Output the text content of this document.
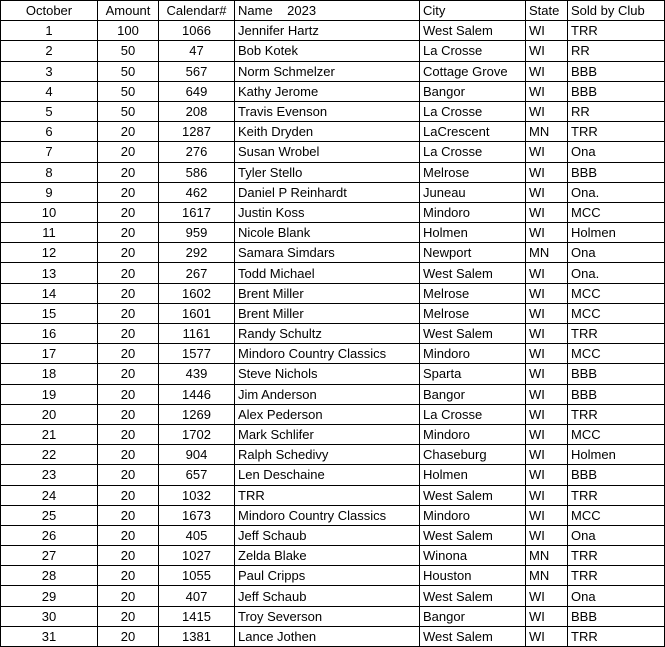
October	Amount	Calendar#	Name    2023	City	State	Sold by Club
1	100	1066	Jennifer Hartz	West Salem	WI	TRR
2	50	47	Bob Kotek	La Crosse	WI	RR
3	50	567	Norm Schmelzer	Cottage Grove	WI	BBB
4	50	649	Kathy Jerome	Bangor	WI	BBB
5	50	208	Travis Evenson	La Crosse	WI	RR
6	20	1287	Keith Dryden	LaCrescent	MN	TRR
7	20	276	Susan Wrobel	La Crosse	WI	Ona
8	20	586	Tyler Stello	Melrose	WI	BBB
9	20	462	Daniel P Reinhardt	Juneau	WI	Ona.
10	20	1617	Justin Koss	Mindoro	WI	MCC
11	20	959	Nicole Blank	Holmen	WI	Holmen
12	20	292	Samara Simdars	Newport	MN	Ona
13	20	267	Todd Michael	West Salem	WI	Ona.
14	20	1602	Brent Miller	Melrose	WI	MCC
15	20	1601	Brent Miller	Melrose	WI	MCC
16	20	1161	Randy Schultz	West Salem	WI	TRR
17	20	1577	Mindoro Country Classics	Mindoro	WI	MCC
18	20	439	Steve Nichols	Sparta	WI	BBB
19	20	1446	Jim Anderson	Bangor	WI	BBB
20	20	1269	Alex Pederson	La Crosse	WI	TRR
21	20	1702	Mark Schlifer	Mindoro	WI	MCC
22	20	904	Ralph Schedivy	Chaseburg	WI	Holmen
23	20	657	Len Deschaine	Holmen	WI	BBB
24	20	1032	TRR	West Salem	WI	TRR
25	20	1673	Mindoro Country Classics	Mindoro	WI	MCC
26	20	405	Jeff Schaub	West Salem	WI	Ona
27	20	1027	Zelda Blake	Winona	MN	TRR
28	20	1055	Paul Cripps	Houston	MN	TRR
29	20	407	Jeff Schaub	West Salem	WI	Ona
30	20	1415	Troy Severson	Bangor	WI	BBB
31	20	1381	Lance Jothen	West Salem	WI	TRR
